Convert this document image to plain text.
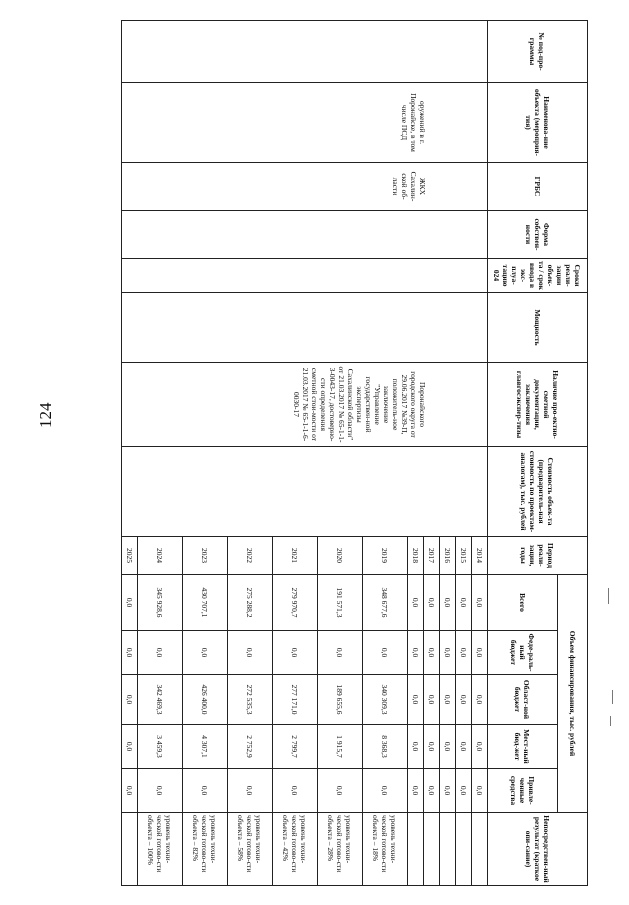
124
№ под-про-граммы	Наименова-ние объекта (мероприя-тия)	ГРБС	Форма собствен-ности	Сроки реали-зации объек-та / срок ввода в экс-плуа-тацию 024	Мощность	Наличие про-ектно-сметной документации, заключения главгосэкспер-тизы	Стоимость объек-та (предваритель-ная стоимость по проектам-аналогам), тыс. рублей	Период реали-зации, годы	Объем финансирования, тыс. рублей					Непосредствен-ный результат (краткое опи-сание)
									Всего	Феде-раль-ный бюджет	Област-ной бюджет	Мест-ный бюд-жет	Привле-ченные средства	
	оружений в г. Поронайске, в том числе ПСД	ЖКХ Сахалин-ской об-ласти				Поронайского городского округа от 29.06.2017 №39-П, положитель-ное заключение "Управление государствен-ной экспертизы Сахалинской области" от 21.03.2017 № 65-1-1-3-0043-17, достоверно-сти определения сметной стои-мости от 21.03.2017 № 65-1-1-6-0030-17		2014	0,0	0,0	0,0	0,0	0,0	
								2015	0,0	0,0	0,0	0,0	0,0	
								2016	0,0	0,0	0,0	0,0	0,0	
								2017	0,0	0,0	0,0	0,0	0,0	
								2018	0,0	0,0	0,0	0,0	0,0	
								2019	348 677,6	0,0	340 309,3	8 368,3	0,0	уровень техни-ческой готово-сти объекта – 18%
								2020	191 571,3	0,0	189 655,6	1 915,7	0,0	уровень техни-ческой готово-сти объекта – 28%
								2021	279 970,7	0,0	277 171,0	2 799,7	0,0	уровень техни-ческой готово-сти объекта – 42%
								2022	275 288,2	0,0	272 535,3	2 752,9	0,0	уровень техни-ческой готово-сти объекта – 58%
								2023	430 707,1	0,0	426 400,0	4 307,1	0,0	уровень техни-ческой готово-сти объекта – 82%
								2024	345 928,6	0,0	342 469,3	3 459,3	0,0	уровень техни-ческой готово-сти объекта – 100%
								2025	0,0	0,0	0,0	0,0	0,0	
